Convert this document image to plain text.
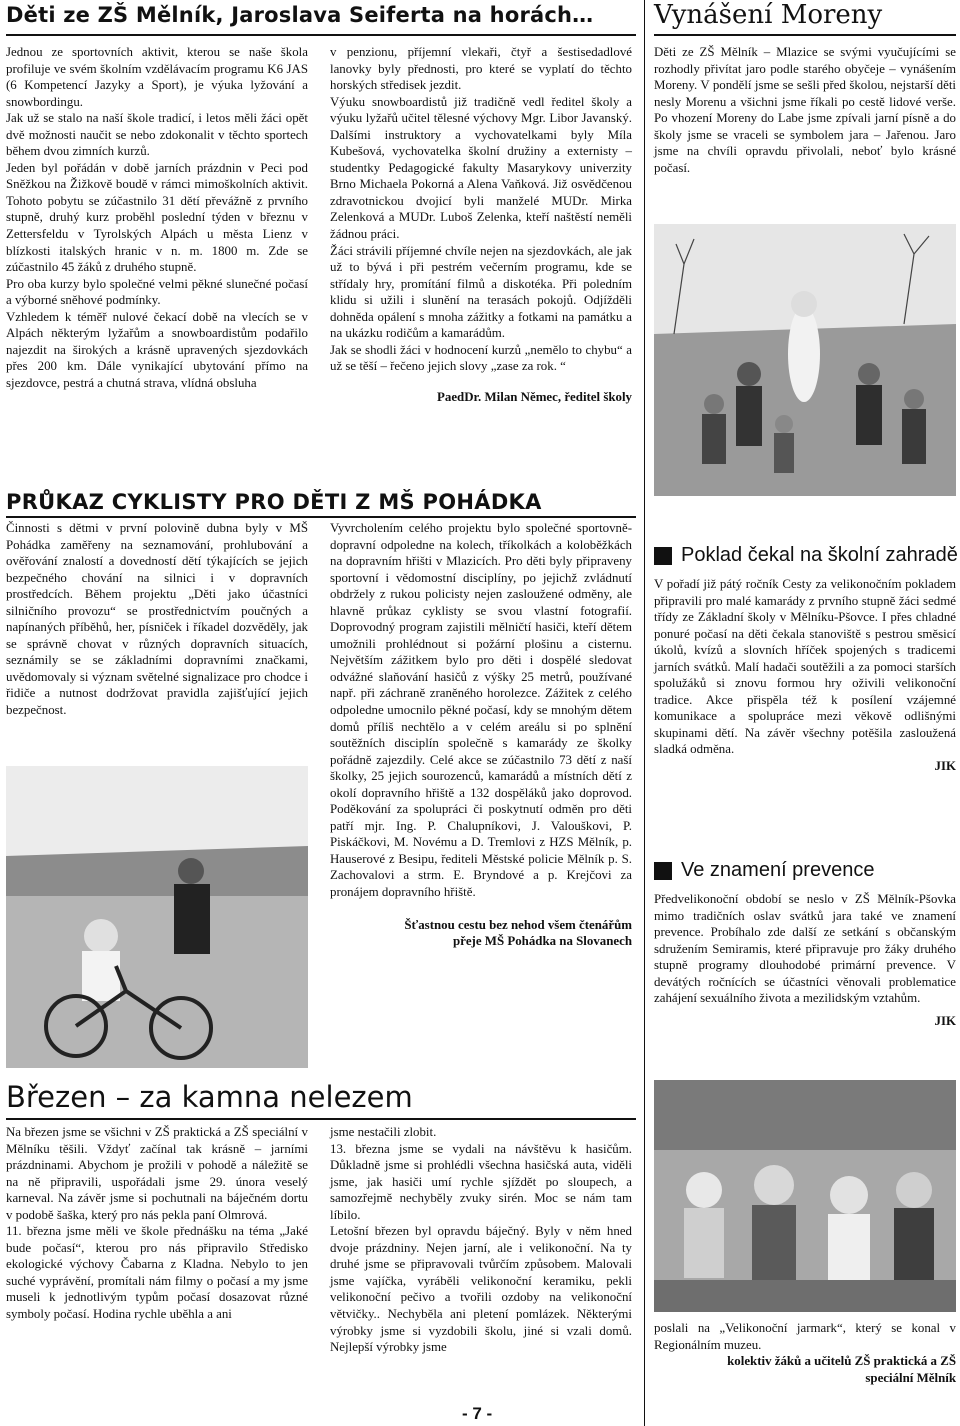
Děti ze ZŠ Mělník, Jaroslava Seiferta na horách…

Jednou ze sportovních aktivit, kterou se naše škola profiluje ve svém školním vzdělávacím programu K6 JAS (6 Kompetencí Jazyky a Sport), je výuka lyžování a snowbordingu.

Jak už se stalo na naší škole tradicí, i letos měli žáci opět dvě možnosti naučit se nebo zdokonalit v těchto sportech během dvou zimních kurzů.

Jeden byl pořádán v době jarních prázdnin v Peci pod Sněžkou na Žižkově boudě v rámci mimoškolních aktivit. Tohoto pobytu se zúčastnilo 31 dětí převážně z prvního stupně, druhý kurz proběhl poslední týden v březnu v Zettersfeldu v Tyrolských Alpách u města Lienz v blízkosti italských hranic v n. m. 1800 m. Zde se zúčastnilo 45 žáků z druhého stupně.

Pro oba kurzy bylo společné velmi pěkné slunečné počasí a výborné sněhové podmínky.

Vzhledem k téměř nulové čekací době na vlecích se v Alpách některým lyžařům a snowboardistům podařilo najezdit na širokých a krásně upravených sjezdovkách přes 200 km. Dále vynikající ubytování přímo na sjezdovce, pestrá a chutná strava, vlídná obsluha

v penzionu, příjemní vlekaři, čtyř a šestisedadlové lanovky byly přednosti, pro které se vyplatí do těchto horských středisek jezdit.

Výuku snowboardistů již tradičně vedl ředitel školy a výuku lyžařů učitel tělesné výchovy Mgr. Libor Javanský. Dalšími instruktory a vychovatelkami byly Míla Kubešová, vychovatelka školní družiny a externisty – studentky Pedagogické fakulty Masarykovy univerzity Brno Michaela Pokorná a Alena Vaňková. Již osvědčenou zdravotnickou dvojicí byli manželé MUDr. Mirka Zelenková a MUDr. Luboš Zelenka, kteří naštěstí neměli žádnou práci.

Žáci strávili příjemné chvíle nejen na sjezdovkách, ale jak už to bývá i při pestrém večerním programu, kde se střídaly hry, promítání filmů a diskotéka. Při poledním klidu si užili i slunění na terasách pokojů. Odjížděli dohněda opálení s mnoha zážitky a fotkami na památku a na ukázku rodičům a kamarádům.

Jak se shodli žáci v hodnocení kurzů „nemělo to chybu“ a už se těší – řečeno jejich slovy „zase za rok. “

PaedDr. Milan Němec, ředitel školy

Vynášení Moreny

Děti ze ZŠ Mělník – Mlazice se svými vyučujícími se rozhodly přivítat jaro podle starého obyčeje – vynášením Moreny. V pondělí jsme se sešli před školou, nejstarší děti nesly Morenu a všichni jsme říkali po cestě lidové verše. Po vhození Moreny do Labe jsme zpívali jarní písně a do školy jsme se vraceli se symbolem jara – Jařenou. Jaro jsme na chvíli opravdu přivolali, neboť bylo krásné počasí.

PRŮKAZ CYKLISTY PRO DĚTI Z MŠ POHÁDKA

Činnosti s dětmi v první polovině dubna byly v MŠ Pohádka zaměřeny na seznamování, prohlubování a ověřování znalostí a dovedností dětí týkajících se jejich bezpečného chování na silnici i v dopravních prostředcích. Během projektu „Děti jako účastníci silničního provozu“ se prostřednictvím poučných a napínaných příběhů, her, písniček i říkadel dozvěděly, jak se správně chovat v různých dopravních situacích, seznámily se se základními dopravními značkami, uvědomovaly si význam světelné signalizace pro chodce i řidiče a nutnost dodržovat pravidla zajišťující jejich bezpečnost.

Vyvrcholením celého projektu bylo společné sportovně-dopravní odpoledne na kolech, tříkolkách a koloběžkách na dopravním hřišti v Mlazicích. Pro děti byly připraveny sportovní i vědomostní disciplíny, po jejichž zvládnutí obdržely z rukou policisty nejen zasloužené odměny, ale hlavně průkaz cyklisty se svou vlastní fotografií. Doprovodný program zajistili mělničtí hasiči, kteří dětem umožnili prohlédnout si požární plošinu a cisternu. Největším zážitkem bylo pro děti i dospělé sledovat odvážné slaňování hasičů z výšky 25 metrů, používané např. při záchraně zraněného horolezce. Zážitek z celého odpoledne umocnilo pěkné počasí, kdy se mnohým dětem domů příliš nechtělo a v celém areálu si po splnění soutěžních disciplín společně s kamarády ze školky pořádně zajezdily. Celé akce se zúčastnilo 73 dětí z naší školky, 25 jejich sourozenců, kamarádů a místních dětí z okolí dopravního hřiště a 132 dospěláků jako doprovod. Poděkování za spolupráci či poskytnutí odměn pro děti patří mjr. Ing. P. Chalupníkovi, J. Valouškovi, P. Piskáčkovi, M. Novému a D. Tremlovi z HZS Mělník, p. Hauserové z Besipu, řediteli Městské policie Mělník p. S. Zachovalovi a strm. E. Bryndové a p. Krejčovi za pronájem dopravního hřiště.

Šťastnou cestu bez nehod všem čtenářům

přeje MŠ Pohádka na Slovanech

Poklad čekal na školní zahradě

V pořadí již pátý ročník Cesty za velikonočním pokladem připravili pro malé kamarády z prvního stupně žáci sedmé třídy ze Základní školy v Mělníku-Pšovce. I přes chladné ponuré počasí na děti čekala stanoviště s pestrou směsicí úkolů, kvízů a slovních hříček spojených s tradicemi jarních svátků. Malí hadači soutěžili a za pomoci starších spolužáků si znovu formou hry oživili velikonoční tradice. Akce přispěla též k posílení vzájemné komunikace a spolupráce mezi věkově odlišnými skupinami dětí. Na závěr všechny potěšila zasloužená sladká odměna.

JIK

Ve znamení prevence

Předvelikonoční období se neslo v ZŠ Mělník-Pšovka mimo tradičních oslav svátků jara také ve znamení prevence. Probíhalo zde další ze setkání s občanským sdružením Semiramis, které připravuje pro žáky druhého stupně programy dlouhodobé primární prevence. V devátých ročnících se účastníci věnovali problematice zahájení sexuálního života a mezilidským vztahům.

JIK

Březen – za kamna nelezem

Na březen jsme se všichni v ZŠ praktická a ZŠ speciální v Mělníku těšili. Vždyť začínal tak krásně – jarními prázdninami. Abychom je prožili v pohodě a náležitě se na ně připravili, uspořádali jsme 29. února veselý karneval. Na závěr jsme si pochutnali na báječném dortu v podobě šaška, který pro nás pekla paní Olmrová.

11. března jsme měli ve škole přednášku na téma „Jaké bude počasí“, kterou pro nás připravilo Středisko ekologické výchovy Čabarna z Kladna. Nebylo to jen suché vyprávění, promítali nám filmy o počasí a my jsme museli k jednotlivým typům počasí dosazovat různé symboly počasí. Hodina rychle uběhla a ani

jsme nestačili zlobit.

13. března jsme se vydali na návštěvu k hasičům. Důkladně jsme si prohlédli všechna hasičská auta, viděli jsme, jak hasiči umí rychle sjíždět po sloupech, a samozřejmě nechyběly zvuky sirén. Moc se nám tam líbilo.

Letošní březen byl opravdu báječný. Byly v něm hned dvoje prázdniny. Nejen jarní, ale i velikonoční. Na ty druhé jsme se připravovali tvůrčím způsobem. Malovali jsme vajíčka, vyráběli velikonoční keramiku, pekli velikonoční pečivo a tvořili ozdoby na velikonoční větvičky.. Nechyběla ani pletení pomlázek. Některými výrobky jsme si vyzdobili školu, jiné si vzali domů. Nejlepší výrobky jsme

poslali na „Velikonoční jarmark“, který se konal v Regionálním muzeu.

kolektiv žáků a učitelů ZŠ praktická a ZŠ

speciální Mělník

- 7 -
